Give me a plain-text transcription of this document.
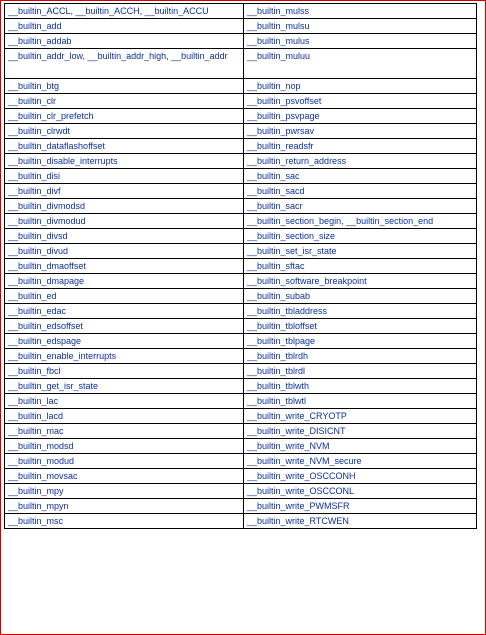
__builtin_ACCL, __builtin_ACCH, __builtin_ACCU	__builtin_mulss
__builtin_add	__builtin_mulsu
__builtin_addab	__builtin_mulus
__builtin_addr_low, __builtin_addr_high, __builtin_addr	__builtin_muluu
__builtin_btg	__builtin_nop
__builtin_clr	__builtin_psvoffset
__builtin_clr_prefetch	__builtin_psvpage
__builtin_clrwdt	__builtin_pwrsav
__builtin_dataflashoffset	__builtin_readsfr
__builtin_disable_interrupts	__builtin_return_address
__builtin_disi	__builtin_sac
__builtin_divf	__builtin_sacd
__builtin_divmodsd	__builtin_sacr
__builtin_divmodud	__builtin_section_begin, __builtin_section_end
__builtin_divsd	__builtin_section_size
__builtin_divud	__builtin_set_isr_state
__builtin_dmaoffset	__builtin_sftac
__builtin_dmapage	__builtin_software_breakpoint
__builtin_ed	__builtin_subab
__builtin_edac	__builtin_tbladdress
__builtin_edsoffset	__builtin_tbloffset
__builtin_edspage	__builtin_tblpage
__builtin_enable_interrupts	__builtin_tblrdh
__builtin_fbcl	__builtin_tblrdl
__builtin_get_isr_state	__builtin_tblwth
__builtin_lac	__builtin_tblwtl
__builtin_lacd	__builtin_write_CRYOTP
__builtin_mac	__builtin_write_DISICNT
__builtin_modsd	__builtin_write_NVM
__builtin_modud	__builtin_write_NVM_secure
__builtin_movsac	__builtin_write_OSCCONH
__builtin_mpy	__builtin_write_OSCCONL
__builtin_mpyn	__builtin_write_PWMSFR
__builtin_msc	__builtin_write_RTCWEN
